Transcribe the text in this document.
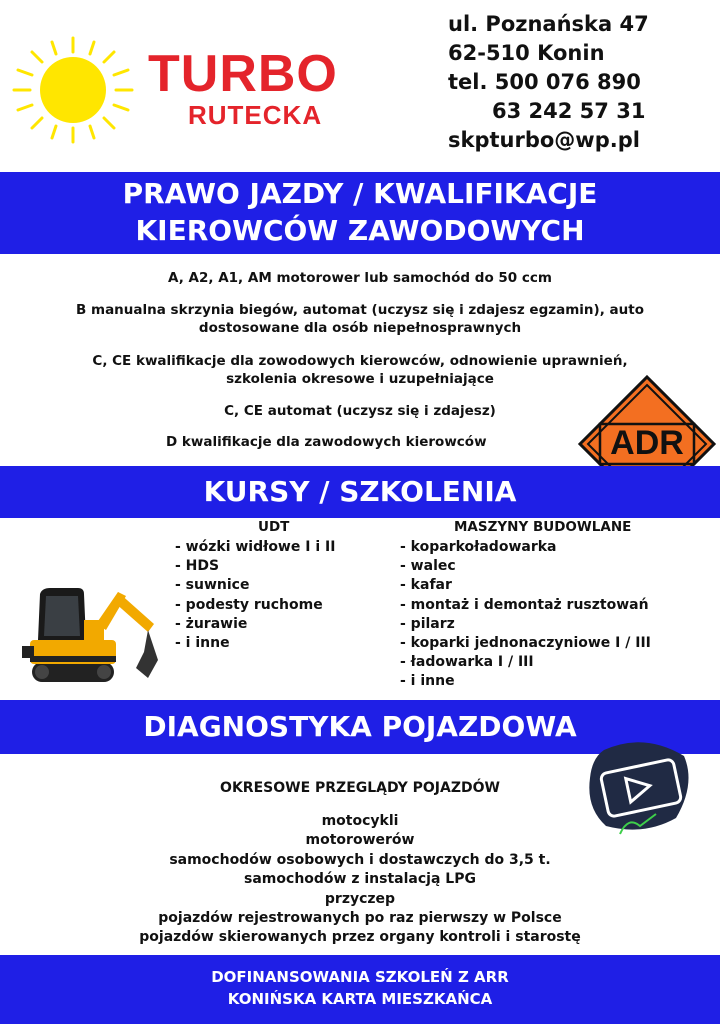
TURBO
RUTECKA
ul. Poznańska 47
62-510 Konin
tel. 500 076 890
63 242 57 31
skpturbo@wp.pl
PRAWO JAZDY / KWALIFIKACJE
KIEROWCÓW ZAWODOWYCH
A, A2, A1, AM motorower lub samochód do 50 ccm
B manualna skrzynia biegów, automat (uczysz się i zdajesz egzamin), auto
dostosowane dla osób niepełnosprawnych
C, CE kwalifikacje dla zowodowych kierowców, odnowienie uprawnień,
szkolenia okresowe i uzupełniające
C, CE automat (uczysz się i zdajesz)
D kwalifikacje dla zawodowych kierowców	ADR
KURSY / SZKOLENIA
UDT
- wózki widłowe I i II
- HDS
- suwnice
- podesty ruchome
- żurawie
- i inne
MASZYNY BUDOWLANE
- koparkoładowarka
- walec
- kafar
- montaż i demontaż rusztowań
- pilarz
- koparki jednonaczyniowe I / III
- ładowarka I / III
- i inne
DIAGNOSTYKA POJAZDOWA
OKRESOWE PRZEGLĄDY POJAZDÓW
motocykli
motorowerów
samochodów osobowych i dostawczych do 3,5 t.
samochodów z instalacją LPG
przyczep
pojazdów rejestrowanych po raz pierwszy w Polsce
pojazdów skierowanych przez organy kontroli i starostę
DOFINANSOWANIA SZKOLEŃ Z ARR
KONIŃSKA KARTA MIESZKAŃCA
